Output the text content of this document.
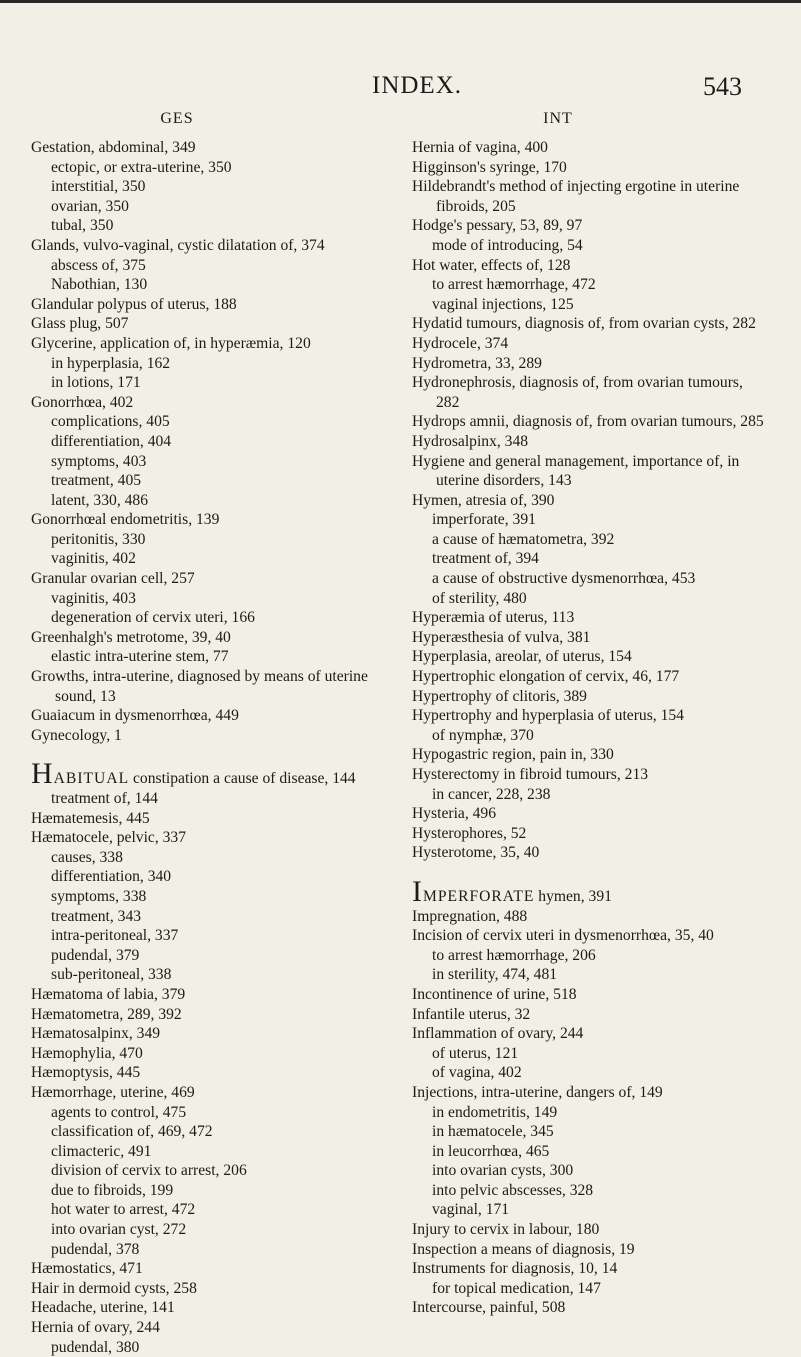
INDEX.	543
GES
Gestation, abdominal, 349
ectopic, or extra-uterine, 350
interstitial, 350
ovarian, 350
tubal, 350
Glands, vulvo-vaginal, cystic dilatation of, 374
abscess of, 375
Nabothian, 130
Glandular polypus of uterus, 188
Glass plug, 507
Glycerine, application of, in hyperæmia, 120
in hyperplasia, 162
in lotions, 171
Gonorrhœa, 402
complications, 405
differentiation, 404
symptoms, 403
treatment, 405
latent, 330, 486
Gonorrhœal endometritis, 139
peritonitis, 330
vaginitis, 402
Granular ovarian cell, 257
vaginitis, 403
degeneration of cervix uteri, 166
Greenhalgh's metrotome, 39, 40
elastic intra-uterine stem, 77
Growths, intra-uterine, diagnosed by means of uterine sound, 13
Guaiacum in dysmenorrhœa, 449
Gynecology, 1
HABITUAL constipation a cause of disease, 144
treatment of, 144
Hæmatemesis, 445
Hæmatocele, pelvic, 337
causes, 338
differentiation, 340
symptoms, 338
treatment, 343
intra-peritoneal, 337
pudendal, 379
sub-peritoneal, 338
Hæmatoma of labia, 379
Hæmatometra, 289, 392
Hæmatosalpinx, 349
Hæmophylia, 470
Hæmoptysis, 445
Hæmorrhage, uterine, 469
agents to control, 475
classification of, 469, 472
climacteric, 491
division of cervix to arrest, 206
due to fibroids, 199
hot water to arrest, 472
into ovarian cyst, 272
pudendal, 378
Hæmostatics, 471
Hair in dermoid cysts, 258
Headache, uterine, 141
Hernia of ovary, 244
pudendal, 380
INT
Hernia of vagina, 400
Higginson's syringe, 170
Hildebrandt's method of injecting ergotine in uterine fibroids, 205
Hodge's pessary, 53, 89, 97
mode of introducing, 54
Hot water, effects of, 128
to arrest hæmorrhage, 472
vaginal injections, 125
Hydatid tumours, diagnosis of, from ovarian cysts, 282
Hydrocele, 374
Hydrometra, 33, 289
Hydronephrosis, diagnosis of, from ovarian tumours, 282
Hydrops amnii, diagnosis of, from ovarian tumours, 285
Hydrosalpinx, 348
Hygiene and general management, importance of, in uterine disorders, 143
Hymen, atresia of, 390
imperforate, 391
a cause of hæmatometra, 392
treatment of, 394
a cause of obstructive dysmenorrhœa, 453
of sterility, 480
Hyperæmia of uterus, 113
Hyperæsthesia of vulva, 381
Hyperplasia, areolar, of uterus, 154
Hypertrophic elongation of cervix, 46, 177
Hypertrophy of clitoris, 389
Hypertrophy and hyperplasia of uterus, 154
of nymphæ, 370
Hypogastric region, pain in, 330
Hysterectomy in fibroid tumours, 213
in cancer, 228, 238
Hysteria, 496
Hysterophores, 52
Hysterotome, 35, 40
IMPERFORATE hymen, 391
Impregnation, 488
Incision of cervix uteri in dysmenorrhœa, 35, 40
to arrest hæmorrhage, 206
in sterility, 474, 481
Incontinence of urine, 518
Infantile uterus, 32
Inflammation of ovary, 244
of uterus, 121
of vagina, 402
Injections, intra-uterine, dangers of, 149
in endometritis, 149
in hæmatocele, 345
in leucorrhœa, 465
into ovarian cysts, 300
into pelvic abscesses, 328
vaginal, 171
Injury to cervix in labour, 180
Inspection a means of diagnosis, 19
Instruments for diagnosis, 10, 14
for topical medication, 147
Intercourse, painful, 508
